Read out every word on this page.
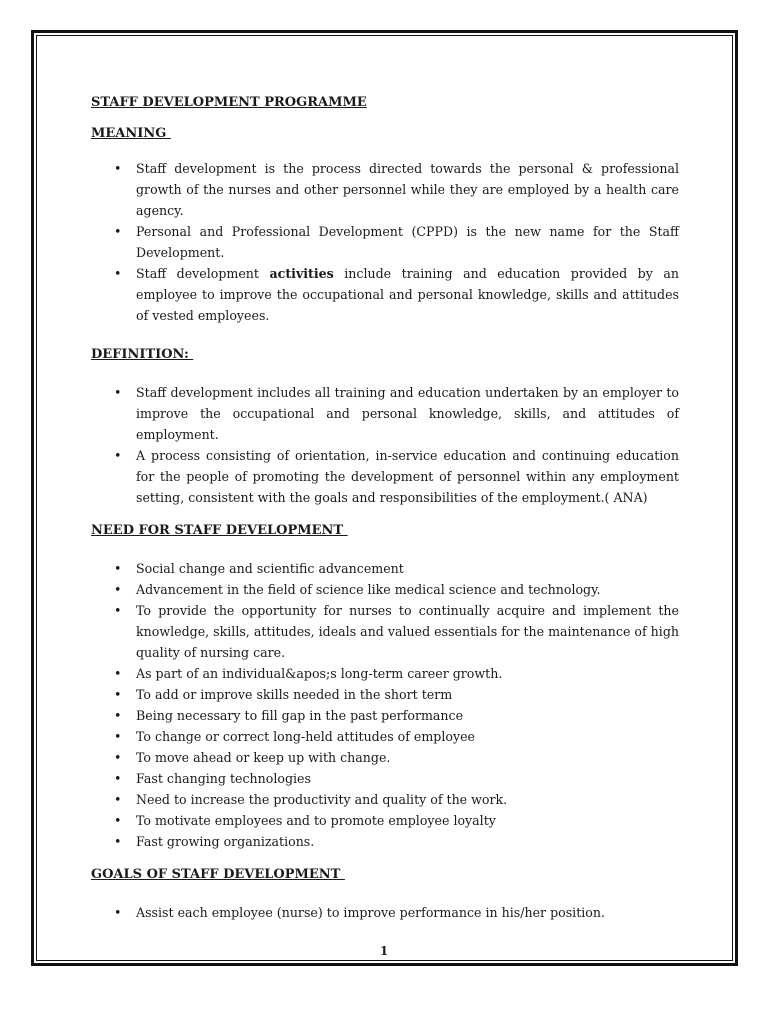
STAFF DEVELOPMENT PROGRAMME

MEANING

• Staff development is the process directed towards the personal & professional growth of the nurses and other personnel while they are employed by a health care agency.
• Personal and Professional Development (CPPD) is the new name for the Staff Development.
• Staff development activities include training and education provided by an employee to improve the occupational and personal knowledge, skills and attitudes of vested employees.

DEFINITION:

• Staff development includes all training and education undertaken by an employer to improve the occupational and personal knowledge, skills, and attitudes of employment.
• A process consisting of orientation, in-service education and continuing education for the people of promoting the development of personnel within any employment setting, consistent with the goals and responsibilities of the employment.( ANA)

NEED FOR STAFF DEVELOPMENT

• Social change and scientific advancement
• Advancement in the field of science like medical science and technology.
• To provide the opportunity for nurses to continually acquire and implement the knowledge, skills, attitudes, ideals and valued essentials for the maintenance of high quality of nursing care.
• As part of an individual&apos;s long-term career growth.
• To add or improve skills needed in the short term
• Being necessary to fill gap in the past performance
• To change or correct long-held attitudes of employee
• To move ahead or keep up with change.
• Fast changing technologies
• Need to increase the productivity and quality of the work.
• To motivate employees and to promote employee loyalty
• Fast growing organizations.

GOALS OF STAFF DEVELOPMENT

• Assist each employee (nurse) to improve performance in his/her position.
1
